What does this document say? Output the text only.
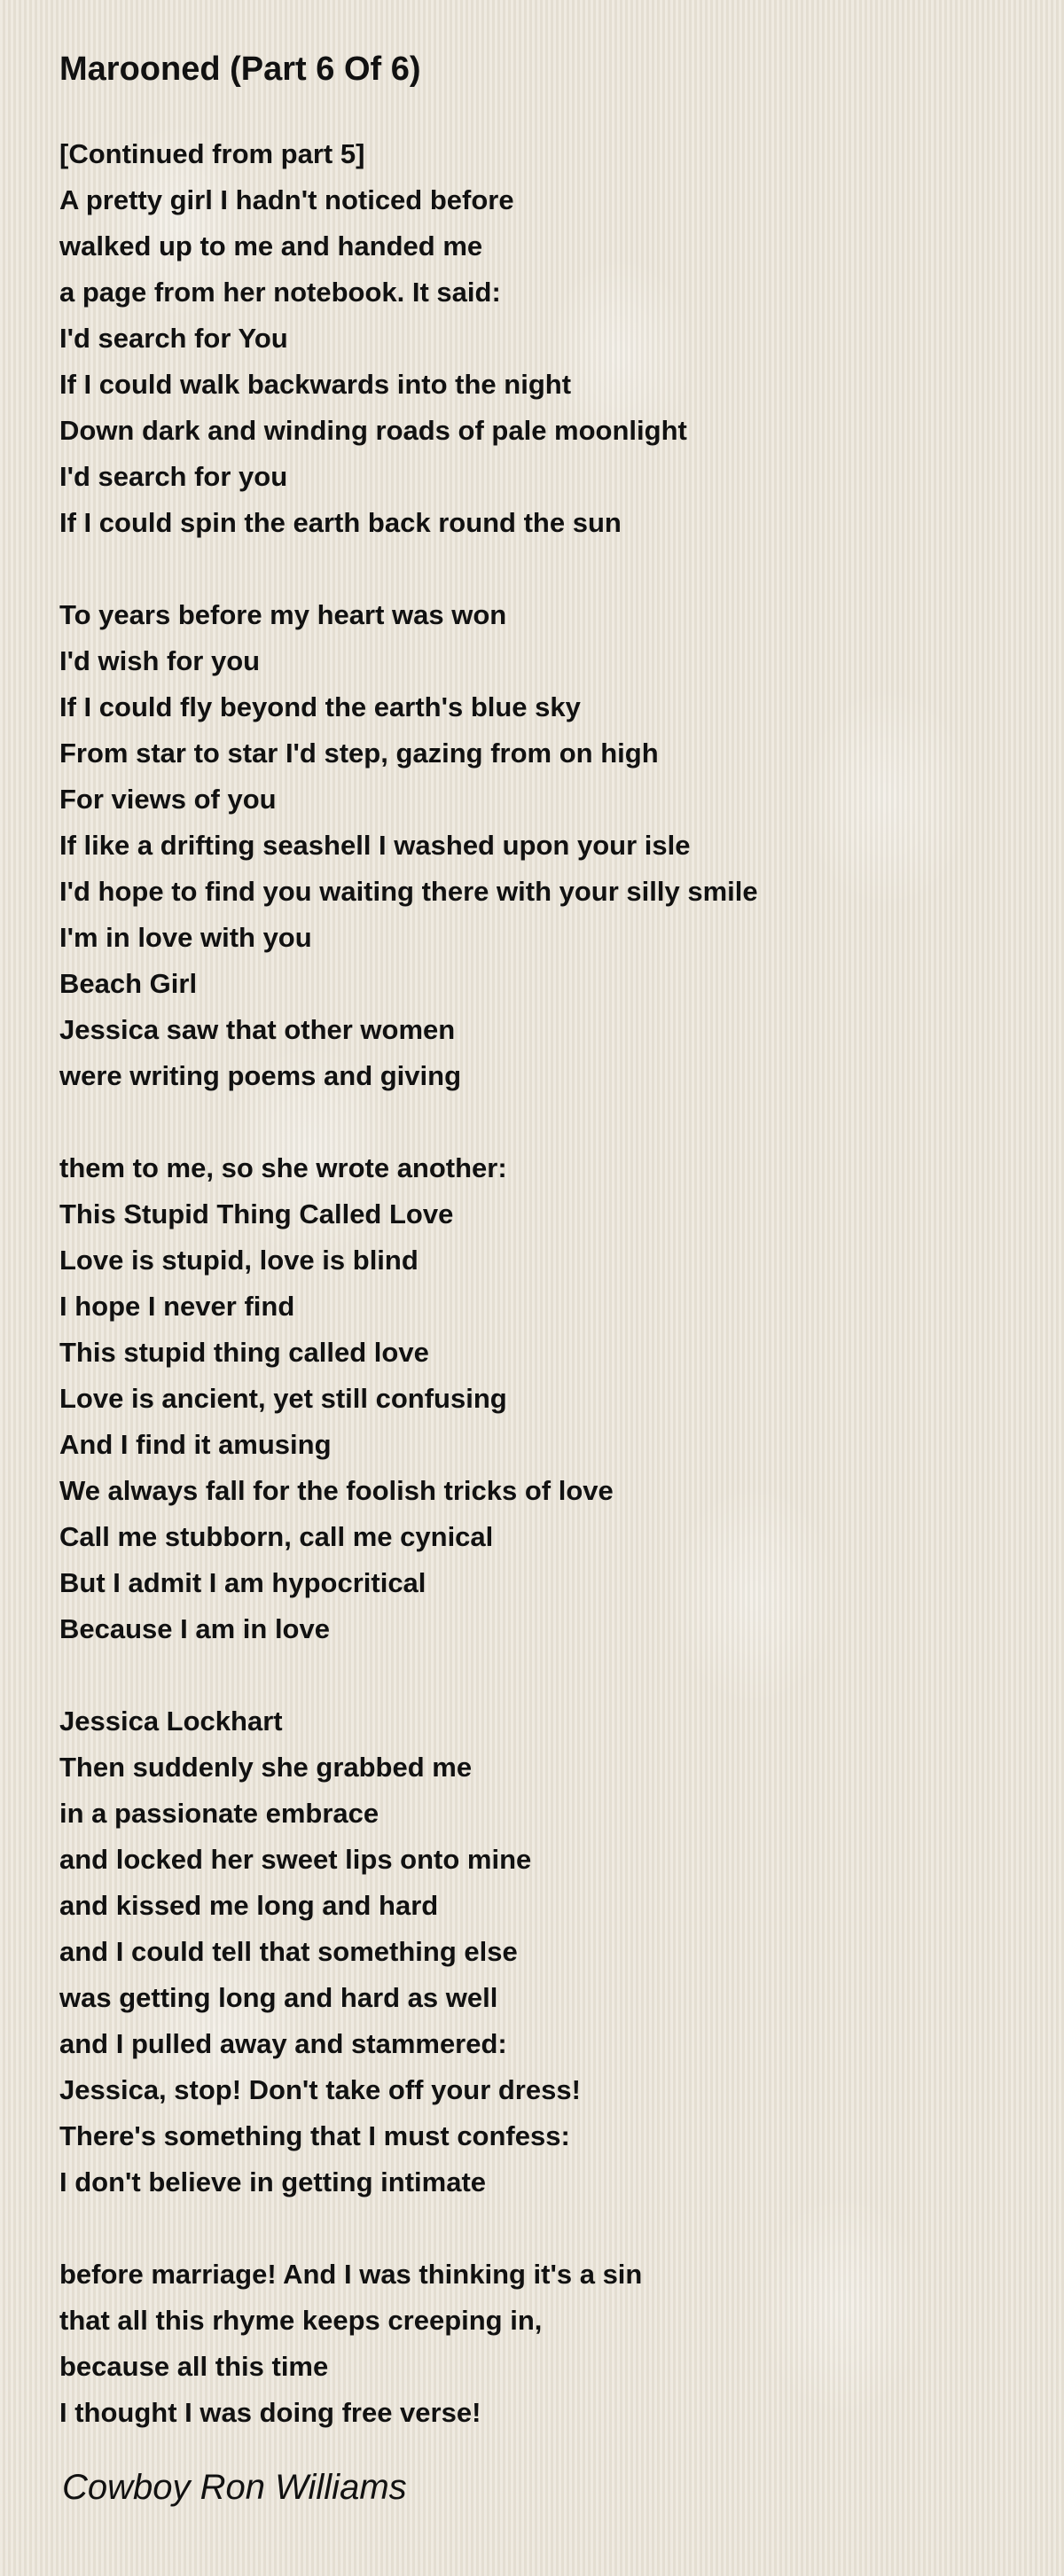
Marooned (Part 6 Of 6)
[Continued from part 5]
A pretty girl I hadn't noticed before
walked up to me and handed me
a page from her notebook. It said:
I'd search for You
If I could walk backwards into the night
Down dark and winding roads of pale moonlight
I'd search for you
If I could spin the earth back round the sun
To years before my heart was won
I'd wish for you
If I could fly beyond the earth's blue sky
From star to star I'd step, gazing from on high
For views of you
If like a drifting seashell I washed upon your isle
I'd hope to find you waiting there with your silly smile
I'm in love with you
Beach Girl
Jessica saw that other women
were writing poems and giving
them to me, so she wrote another:
This Stupid Thing Called Love
Love is stupid, love is blind
I hope I never find
This stupid thing called love
Love is ancient, yet still confusing
And I find it amusing
We always fall for the foolish tricks of love
Call me stubborn, call me cynical
But I admit I am hypocritical
Because I am in love
Jessica Lockhart
Then suddenly she grabbed me
in a passionate embrace
and locked her sweet lips onto mine
and kissed me long and hard
and I could tell that something else
was getting long and hard as well
and I pulled away and stammered:
Jessica, stop! Don't take off your dress!
There's something that I must confess:
I don't believe in getting intimate
before marriage! And I was thinking it's a sin
that all this rhyme keeps creeping in,
because all this time
I thought I was doing free verse!
Cowboy Ron Williams
